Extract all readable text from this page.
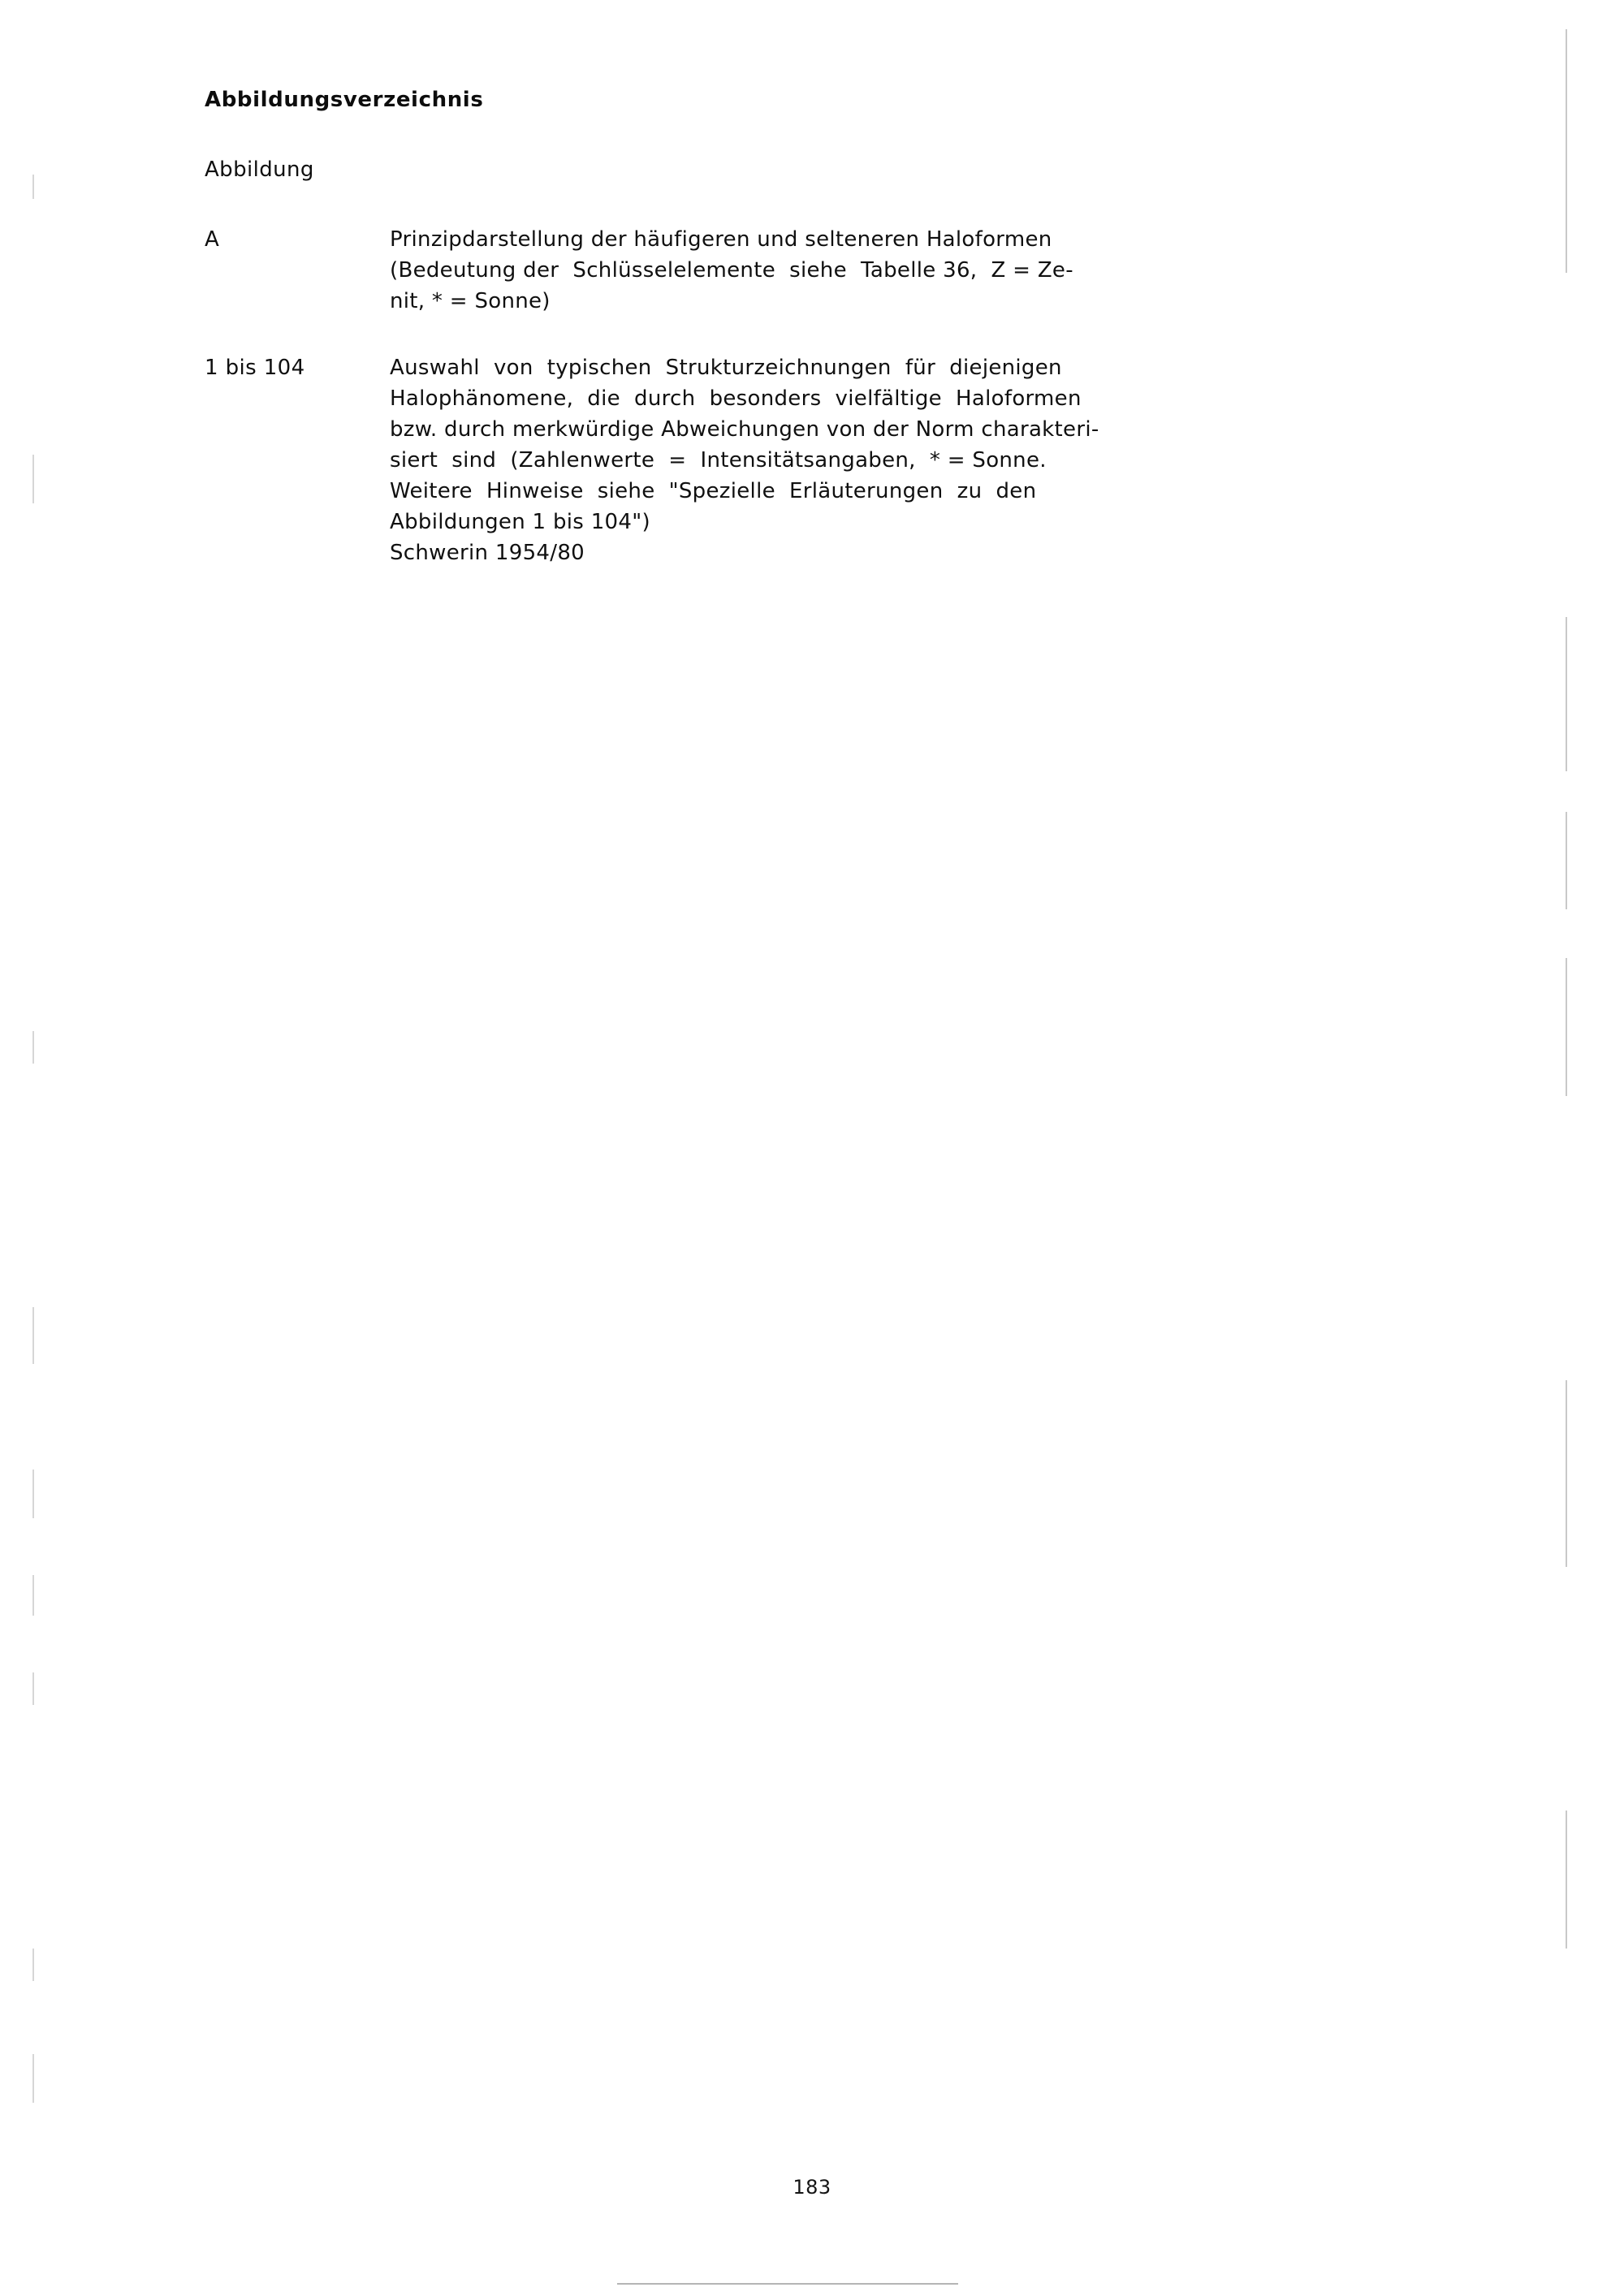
Abbildungsverzeichnis
Abbildung
A	Prinzipdarstellung der häufigeren und selteneren Haloformen
(Bedeutung der  Schlüsselelemente  siehe  Tabelle 36,  Z = Ze-
nit, * = Sonne)
1 bis 104	Auswahl  von  typischen  Strukturzeichnungen  für  diejenigen
Halophänomene,  die  durch  besonders  vielfältige  Haloformen
bzw. durch merkwürdige Abweichungen von der Norm charakteri-
siert  sind  (Zahlenwerte  =  Intensitätsangaben,  * = Sonne.
Weitere  Hinweise  siehe  "Spezielle  Erläuterungen  zu  den
Abbildungen 1 bis 104")
Schwerin 1954/80
183
